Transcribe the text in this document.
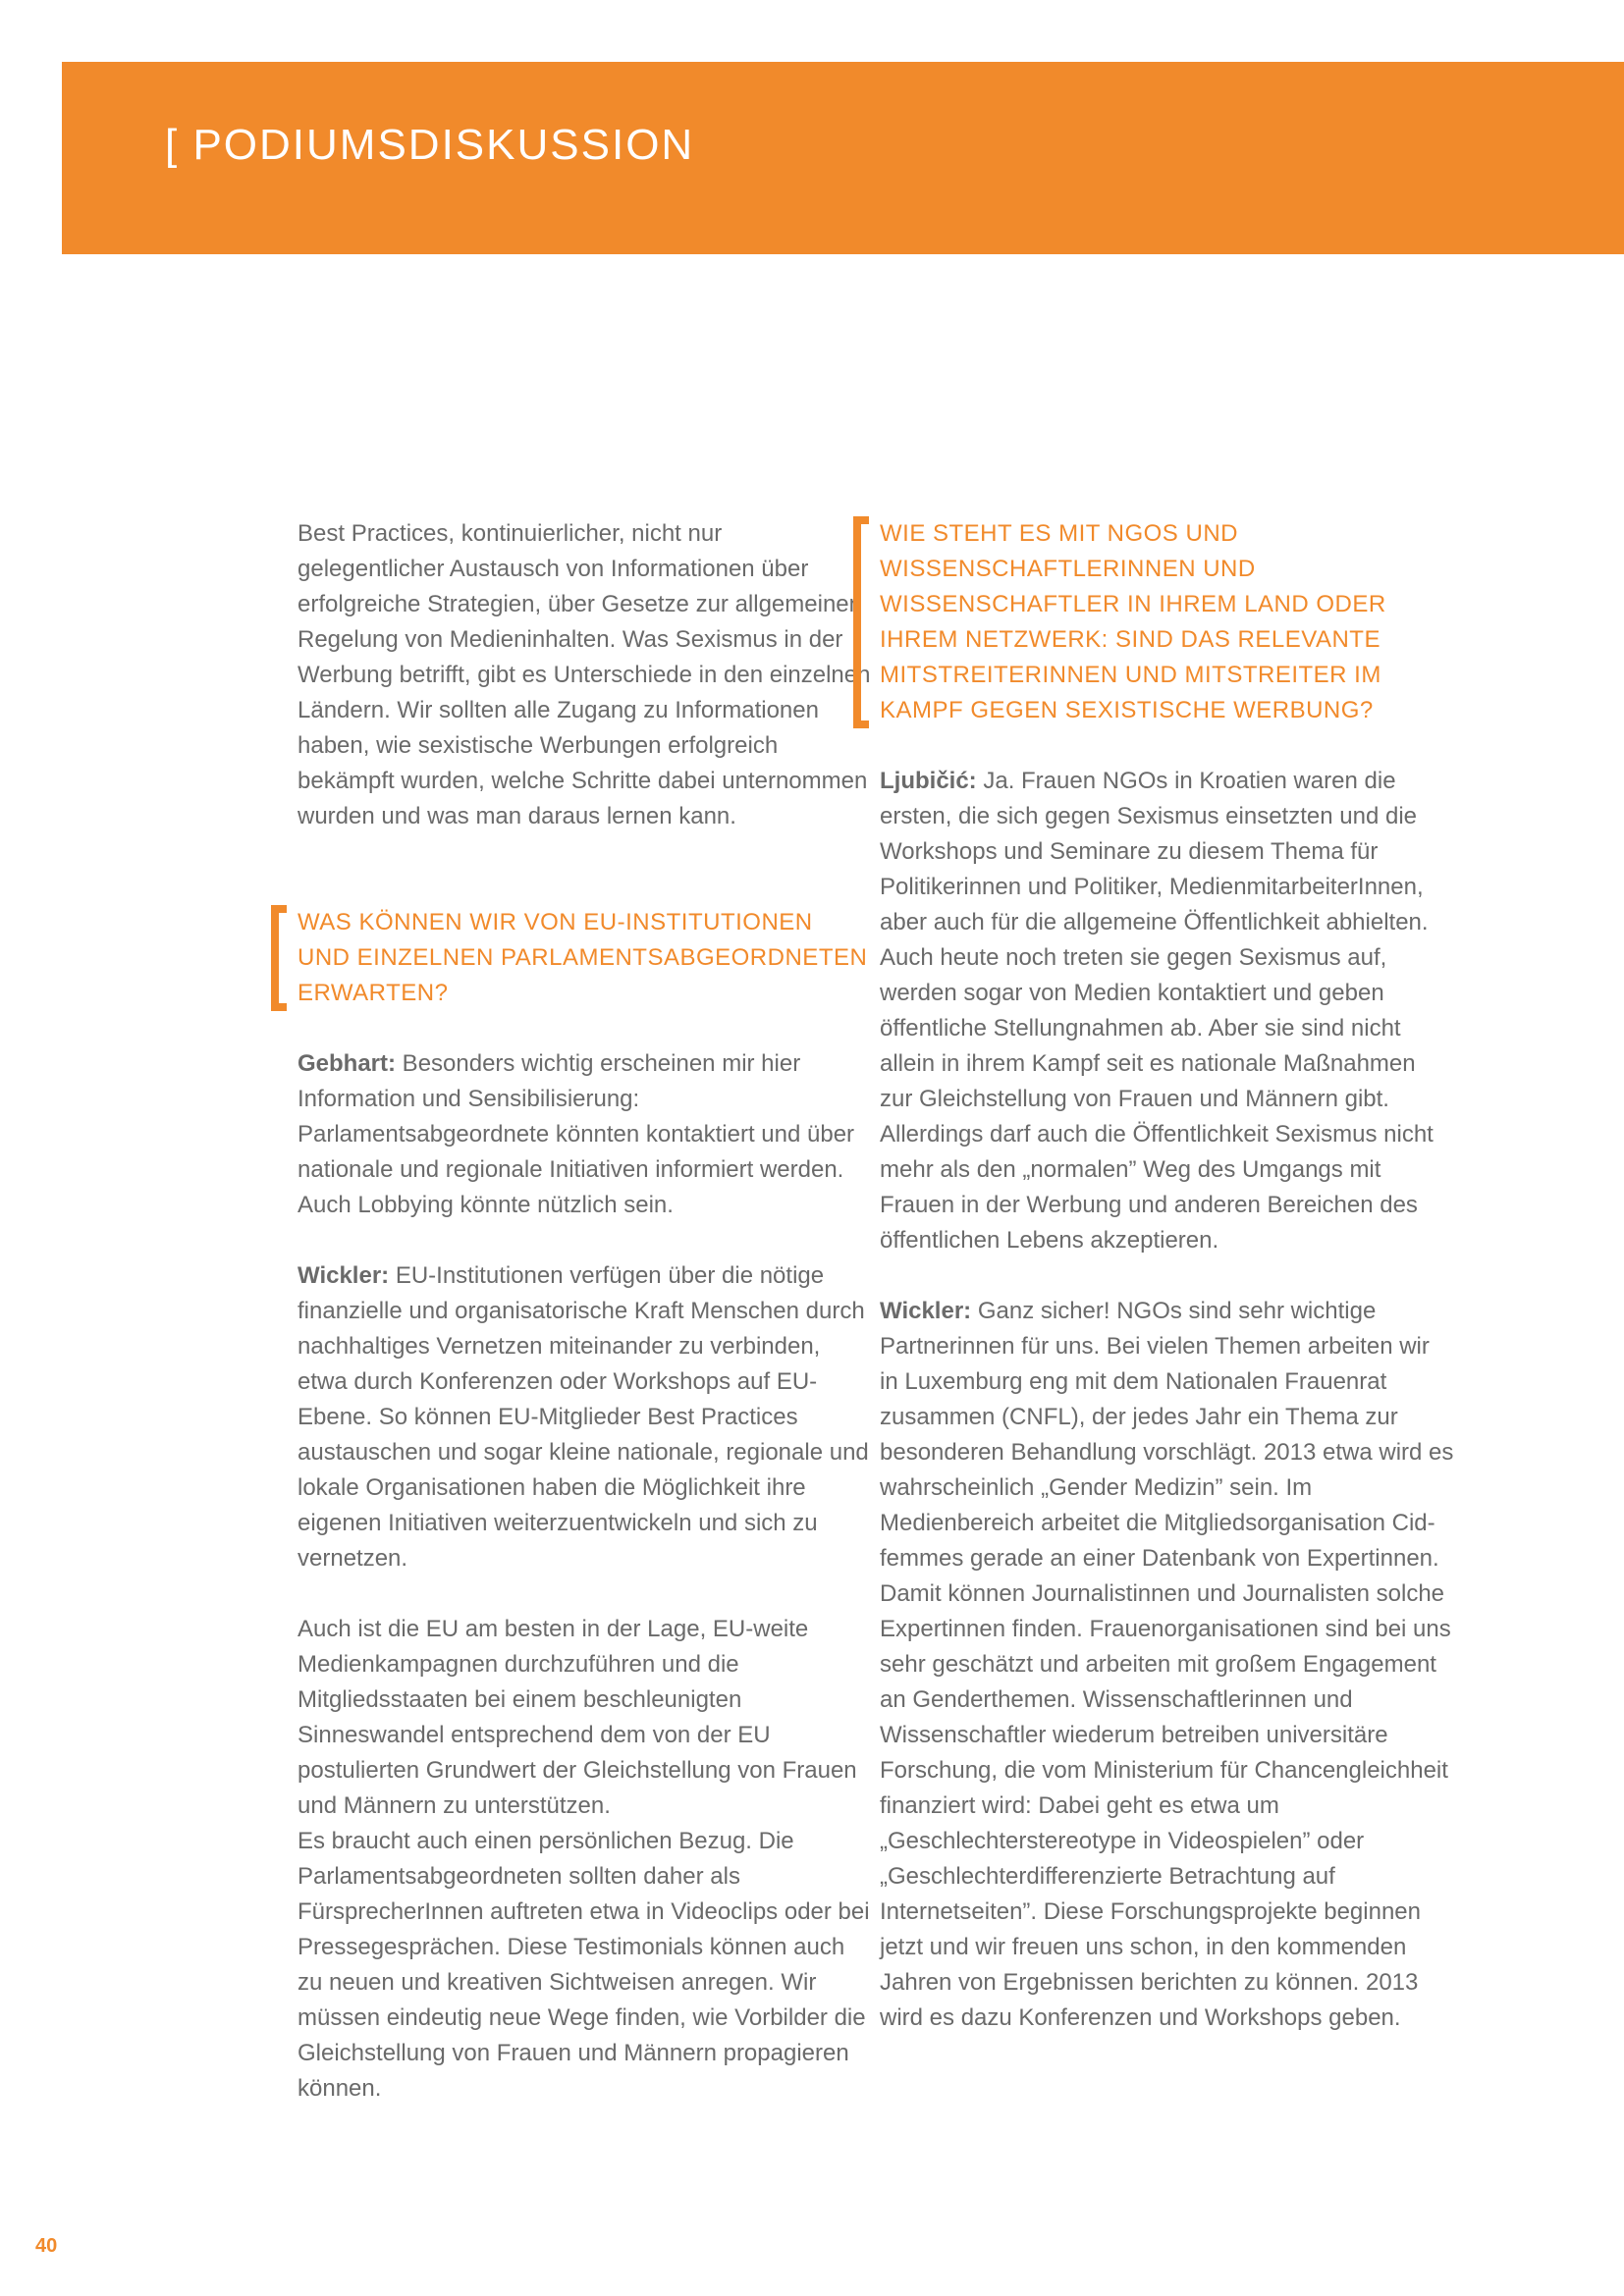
[ PODIUMSDISKUSSION

Best Practices, kontinuierlicher, nicht nur gelegentlicher Austausch von Informationen über erfolgreiche Strategien, über Gesetze zur allgemeinen Regelung von Medieninhalten. Was Sexismus in der Werbung betrifft, gibt es Unterschiede in den einzelnen Ländern. Wir sollten alle Zugang zu Informationen haben, wie sexistische Werbungen erfolgreich bekämpft wurden, welche Schritte dabei unternommen wurden und was man daraus lernen kann.

WAS KÖNNEN WIR VON EU-INSTITUTIONEN UND EINZELNEN PARLAMENTSABGEORDNETEN ERWARTEN?

Gebhart: Besonders wichtig erscheinen mir hier Information und Sensibilisierung: Parlamentsabgeordnete könnten kontaktiert und über nationale und regionale Initiativen informiert werden. Auch Lobbying könnte nützlich sein.

Wickler: EU-Institutionen verfügen über die nötige finanzielle und organisatorische Kraft Menschen durch nachhaltiges Vernetzen miteinander zu verbinden, etwa durch Konferenzen oder Workshops auf EU-Ebene. So können EU-Mitglieder Best Practices austauschen und sogar kleine nationale, regionale und lokale Organisationen haben die Möglichkeit ihre eigenen Initiativen weiterzuentwickeln und sich zu vernetzen.

Auch ist die EU am besten in der Lage, EU-weite Medienkampagnen durchzuführen und die Mitgliedsstaaten bei einem beschleunigten Sinneswandel entsprechend dem von der EU postulierten Grundwert der Gleichstellung von Frauen und Männern zu unterstützen.

Es braucht auch einen persönlichen Bezug. Die Parlamentsabgeordneten sollten daher als FürsprecherInnen auftreten etwa in Videoclips oder bei Pressegesprächen. Diese Testimonials können auch zu neuen und kreativen Sichtweisen anregen. Wir müssen eindeutig neue Wege finden, wie Vorbilder die Gleichstellung von Frauen und Männern propagieren können.

WIE STEHT ES MIT NGOS UND WISSENSCHAFTLERINNEN UND WISSENSCHAFTLER IN IHREM LAND ODER IHREM NETZWERK: SIND DAS RELEVANTE MITSTREITERINNEN UND MITSTREITER IM KAMPF GEGEN SEXISTISCHE WERBUNG?

Ljubičić: Ja. Frauen NGOs in Kroatien waren die ersten, die sich gegen Sexismus einsetzten und die Workshops und Seminare zu diesem Thema für Politikerinnen und Politiker, MedienmitarbeiterInnen, aber auch für die allgemeine Öffentlichkeit abhielten. Auch heute noch treten sie gegen Sexismus auf, werden sogar von Medien kontaktiert und geben öffentliche Stellungnahmen ab. Aber sie sind nicht allein in ihrem Kampf seit es nationale Maßnahmen zur Gleichstellung von Frauen und Männern gibt. Allerdings darf auch die Öffentlichkeit Sexismus nicht mehr als den „normalen” Weg des Umgangs mit Frauen in der Werbung und anderen Bereichen des öffentlichen Lebens akzeptieren.

Wickler: Ganz sicher! NGOs sind sehr wichtige Partnerinnen für uns. Bei vielen Themen arbeiten wir in Luxemburg eng mit dem Nationalen Frauenrat zusammen (CNFL), der jedes Jahr ein Thema zur besonderen Behandlung vorschlägt. 2013 etwa wird es wahrscheinlich „Gender Medizin” sein. Im Medienbereich arbeitet die Mitgliedsorganisation Cid-femmes gerade an einer Datenbank von Expertinnen. Damit können Journalistinnen und Journalisten solche Expertinnen finden. Frauenorganisationen sind bei uns sehr geschätzt und arbeiten mit großem Engagement an Genderthemen. Wissenschaftlerinnen und Wissenschaftler wiederum betreiben universitäre Forschung, die vom Ministerium für Chancengleichheit finanziert wird: Dabei geht es etwa um „Geschlechterstereotype in Videospielen” oder „Geschlechterdifferenzierte Betrachtung auf Internetseiten”. Diese Forschungsprojekte beginnen jetzt und wir freuen uns schon, in den kommenden Jahren von Ergebnissen berichten zu können. 2013 wird es dazu Konferenzen und Workshops geben.

40
